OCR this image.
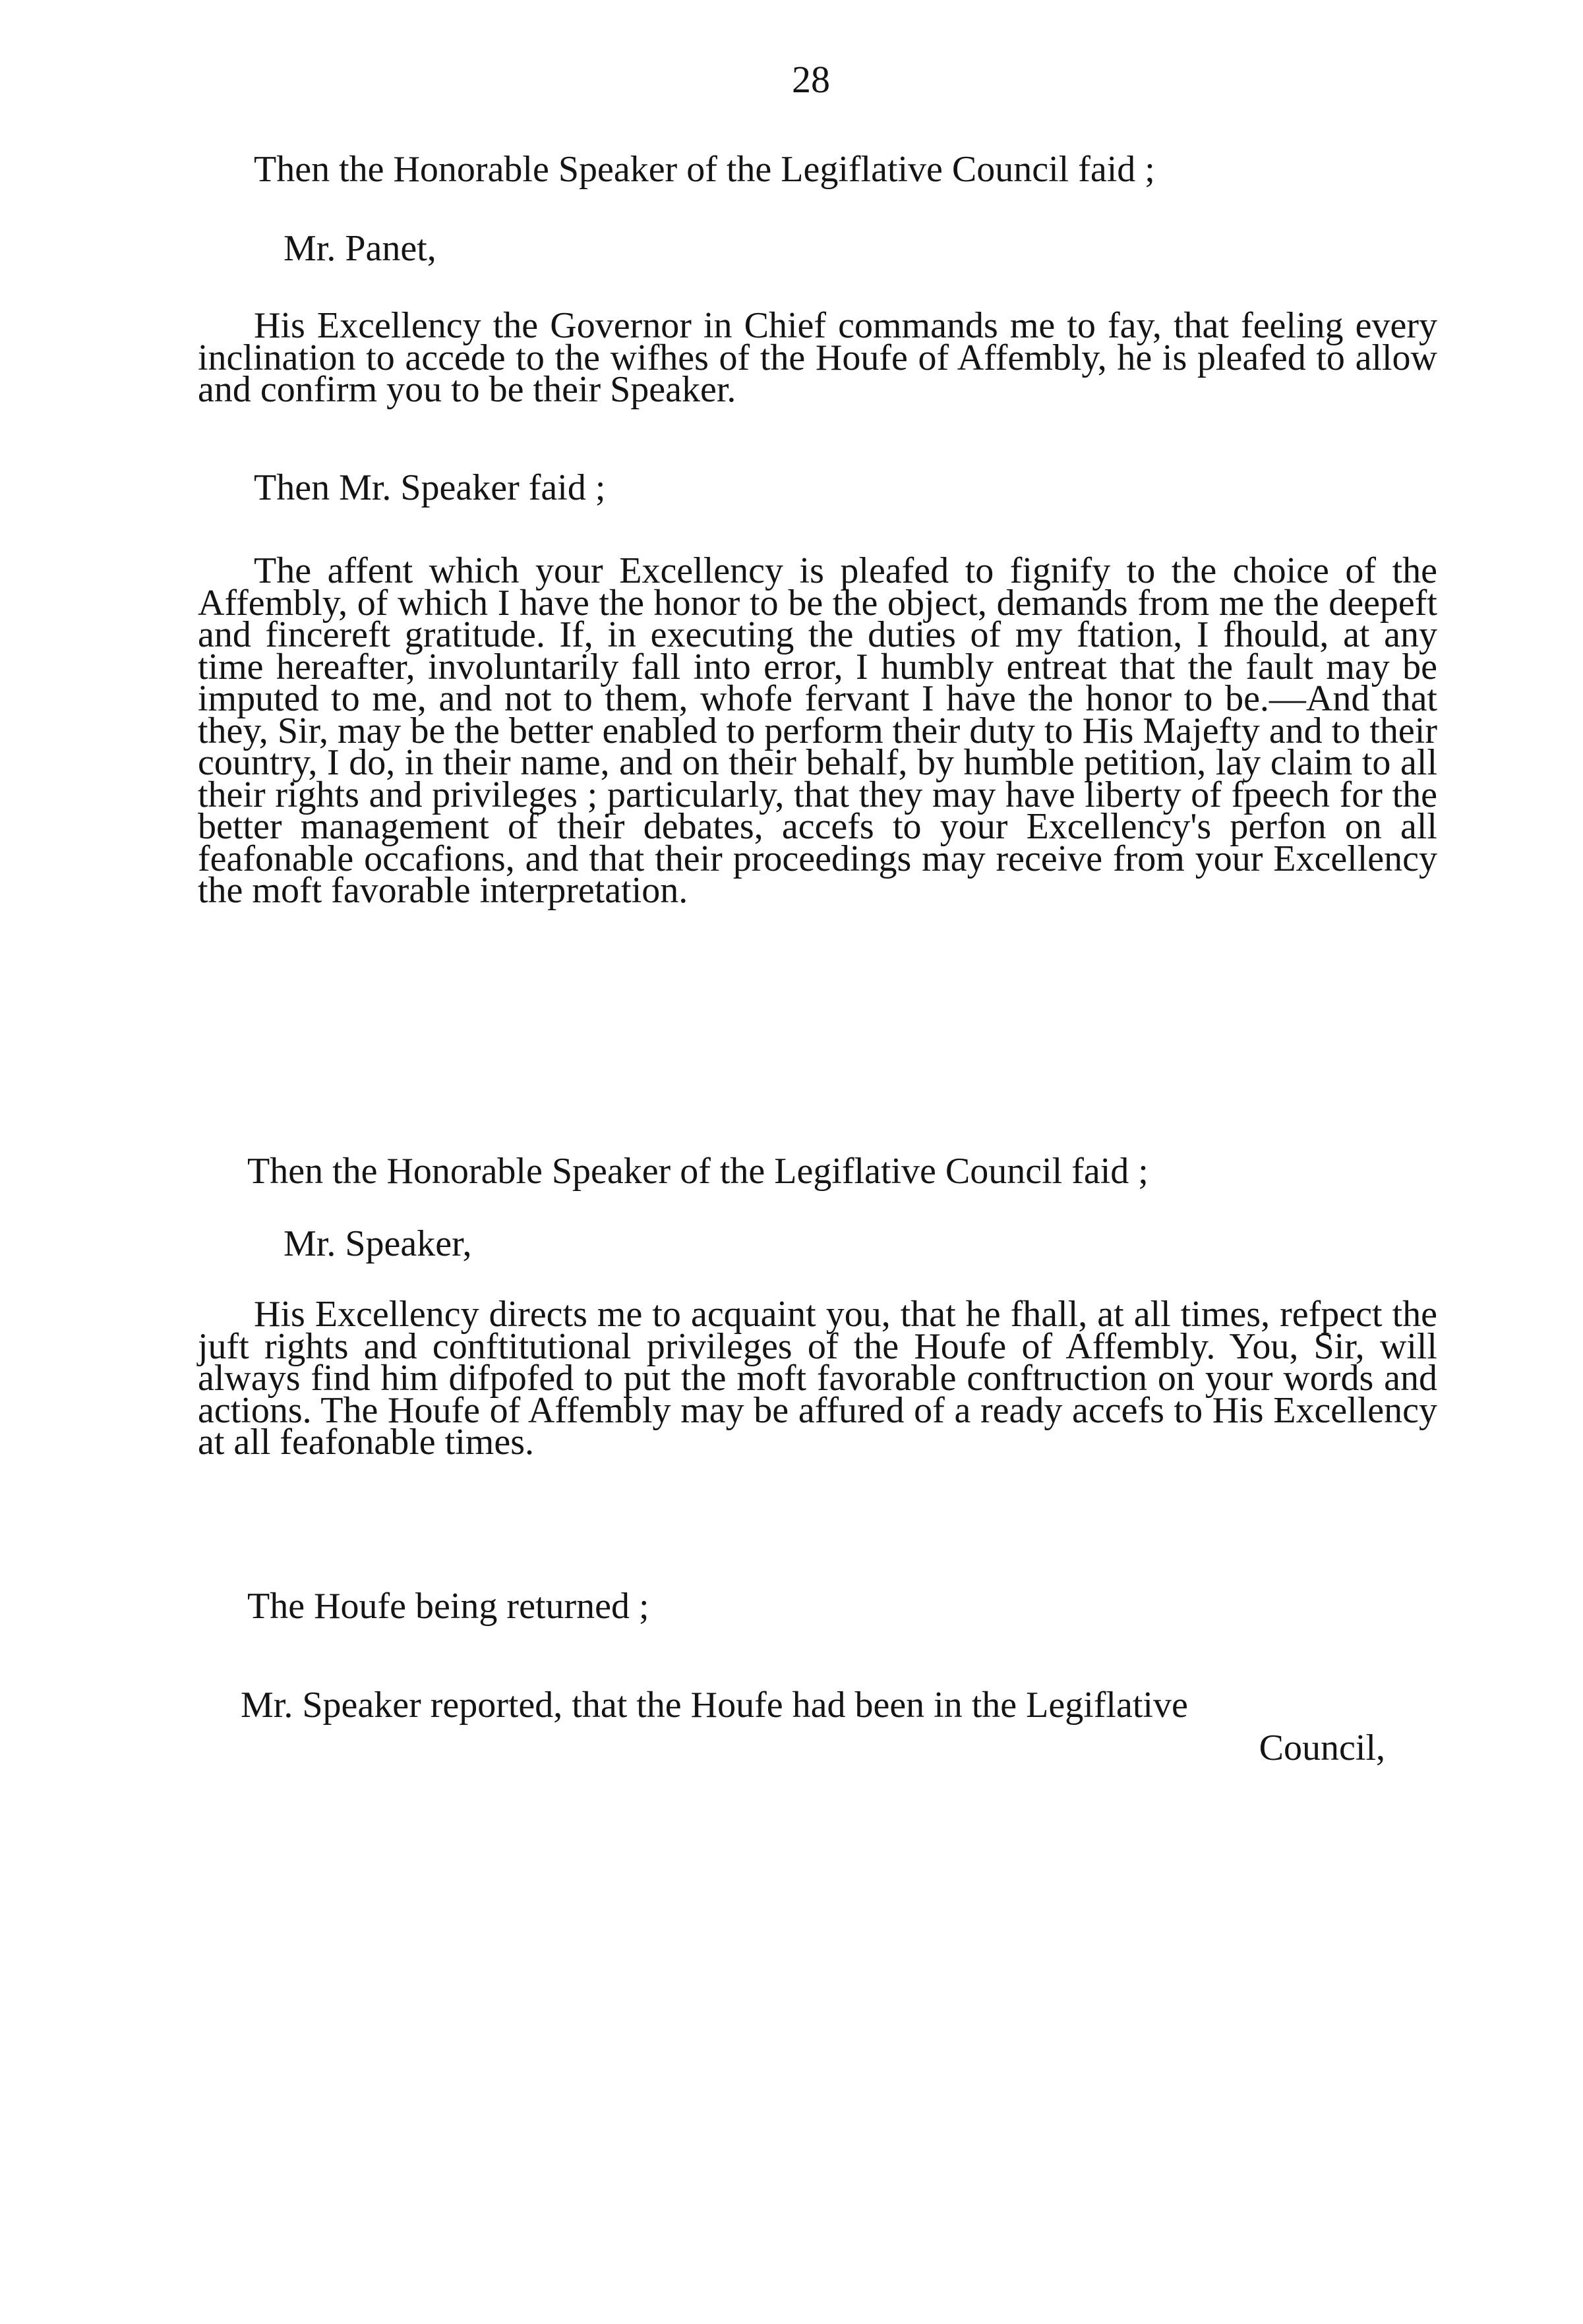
28
Then the Honorable Speaker of the Legiflative Council faid ;
Mr. Panet,
His Excellency the Governor in Chief commands me to fay, that feeling every inclination to accede to the wifhes of the Houfe of Affembly, he is pleafed to allow and confirm you to be their Speaker.
Then Mr. Speaker faid ;
The affent which your Excellency is pleafed to fignify to the choice of the Affembly, of which I have the honor to be the object, demands from me the deepeft and fincereft gratitude. If, in executing the duties of my ftation, I fhould, at any time hereafter, involuntarily fall into error, I humbly entreat that the fault may be imputed to me, and not to them, whofe fervant I have the honor to be.—And that they, Sir, may be the better enabled to perform their duty to His Majefty and to their country, I do, in their name, and on their behalf, by humble petition, lay claim to all their rights and privileges ; particularly, that they may have liberty of fpeech for the better management of their debates, accefs to your Excellency's perfon on all feafonable occafions, and that their proceedings may receive from your Excellency the moft favorable interpretation.
Then the Honorable Speaker of the Legiflative Council faid ;
Mr. Speaker,
His Excellency directs me to acquaint you, that he fhall, at all times, refpect the juft rights and conftitutional privileges of the Houfe of Affembly. You, Sir, will always find him difpofed to put the moft favorable conftruction on your words and actions. The Houfe of Affembly may be affured of a ready accefs to His Excellency at all feafonable times.
The Houfe being returned ;
Mr. Speaker reported, that the Houfe had been in the Legiflative
Council,
